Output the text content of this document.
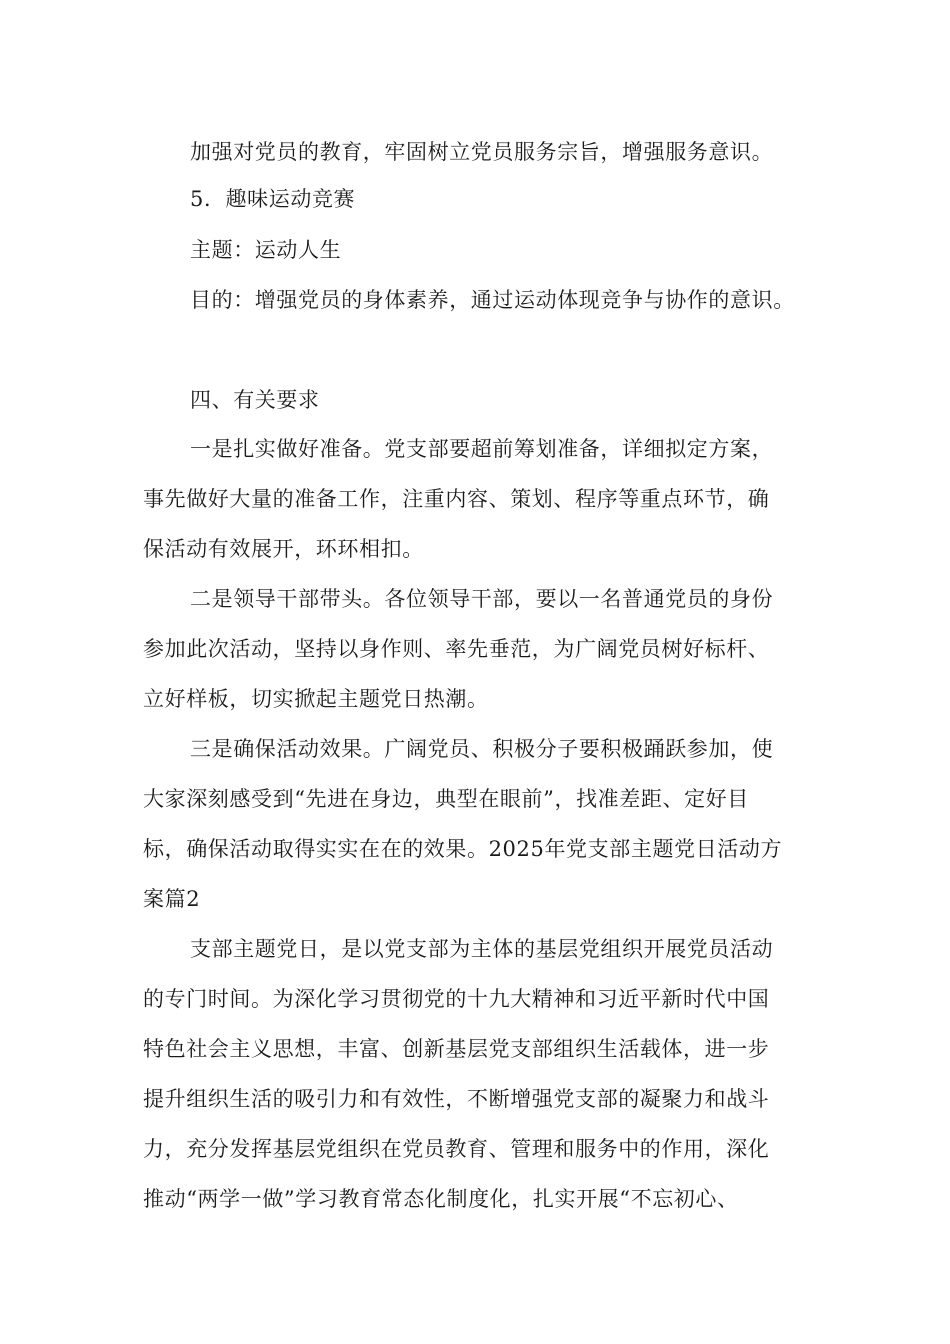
加强对党员的教育，牢固树立党员服务宗旨，增强服务意识。
5．趣味运动竞赛
主题：运动人生
目的：增强党员的身体素养，通过运动体现竞争与协作的意识。
四、有关要求
一是扎实做好准备。党支部要超前筹划准备，详细拟定方案，
事先做好大量的准备工作，注重内容、策划、程序等重点环节，确
保活动有效展开，环环相扣。
二是领导干部带头。各位领导干部，要以一名普通党员的身份
参加此次活动，坚持以身作则、率先垂范，为广阔党员树好标杆、
立好样板，切实掀起主题党日热潮。
三是确保活动效果。广阔党员、积极分子要积极踊跃参加，使
大家深刻感受到“先进在身边，典型在眼前”，找准差距、定好目
标，确保活动取得实实在在的效果。2025年党支部主题党日活动方
案篇2
支部主题党日，是以党支部为主体的基层党组织开展党员活动
的专门时间。为深化学习贯彻党的十九大精神和习近平新时代中国
特色社会主义思想，丰富、创新基层党支部组织生活载体，进一步
提升组织生活的吸引力和有效性，不断增强党支部的凝聚力和战斗
力，充分发挥基层党组织在党员教育、管理和服务中的作用，深化
推动“两学一做”学习教育常态化制度化，扎实开展“不忘初心、
